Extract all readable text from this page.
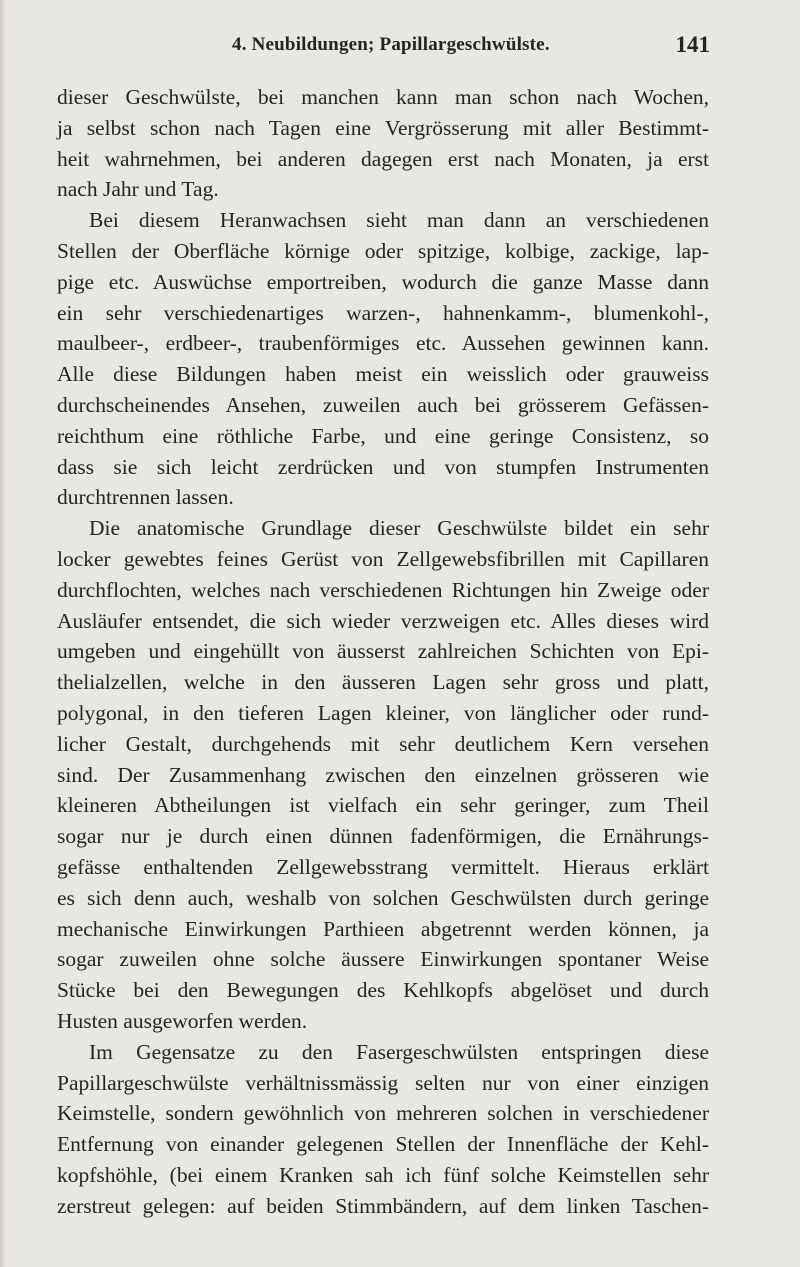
4. Neubildungen; Papillargeschwülste.	141
dieser Geschwülste, bei manchen kann man schon nach Wochen,
ja selbst schon nach Tagen eine Vergrösserung mit aller Bestimmt-
heit wahrnehmen, bei anderen dagegen erst nach Monaten, ja erst
nach Jahr und Tag.
Bei diesem Heranwachsen sieht man dann an verschiedenen
Stellen der Oberfläche körnige oder spitzige, kolbige, zackige, lap-
pige etc. Auswüchse emportreiben, wodurch die ganze Masse dann
ein sehr verschiedenartiges warzen-, hahnenkamm-, blumenkohl-,
maulbeer-, erdbeer-, traubenförmiges etc. Aussehen gewinnen kann.
Alle diese Bildungen haben meist ein weisslich oder grauweiss
durchscheinendes Ansehen, zuweilen auch bei grösserem Gefässen-
reichthum eine röthliche Farbe, und eine geringe Consistenz, so
dass sie sich leicht zerdrücken und von stumpfen Instrumenten
durchtrennen lassen.
Die anatomische Grundlage dieser Geschwülste bildet ein sehr
locker gewebtes feines Gerüst von Zellgewebsfibrillen mit Capillaren
durchflochten, welches nach verschiedenen Richtungen hin Zweige oder
Ausläufer entsendet, die sich wieder verzweigen etc. Alles dieses wird
umgeben und eingehüllt von äusserst zahlreichen Schichten von Epi-
thelialzellen, welche in den äusseren Lagen sehr gross und platt,
polygonal, in den tieferen Lagen kleiner, von länglicher oder rund-
licher Gestalt, durchgehends mit sehr deutlichem Kern versehen
sind. Der Zusammenhang zwischen den einzelnen grösseren wie
kleineren Abtheilungen ist vielfach ein sehr geringer, zum Theil
sogar nur je durch einen dünnen fadenförmigen, die Ernährungs-
gefässe enthaltenden Zellgewebsstrang vermittelt. Hieraus erklärt
es sich denn auch, weshalb von solchen Geschwülsten durch geringe
mechanische Einwirkungen Parthieen abgetrennt werden können, ja
sogar zuweilen ohne solche äussere Einwirkungen spontaner Weise
Stücke bei den Bewegungen des Kehlkopfs abgelöset und durch
Husten ausgeworfen werden.
Im Gegensatze zu den Fasergeschwülsten entspringen diese
Papillargeschwülste verhältnissmässig selten nur von einer einzigen
Keimstelle, sondern gewöhnlich von mehreren solchen in verschiedener
Entfernung von einander gelegenen Stellen der Innenfläche der Kehl-
kopfshöhle, (bei einem Kranken sah ich fünf solche Keimstellen sehr
zerstreut gelegen: auf beiden Stimmbändern, auf dem linken Taschen-
